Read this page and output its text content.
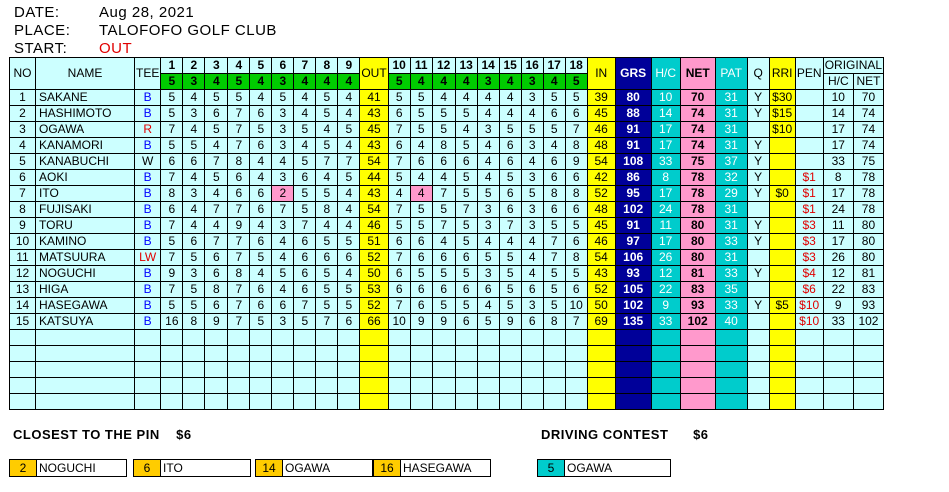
DATE:	Aug 28, 2021
PLACE: TALOFOFO GOLF CLUB
START: OUT
NO	NAME	TEE	1	2	3	4	5	6	7	8	9	OUT	10	11	12	13	14	15	16	17	18	IN	GRS	H/C	NET	PAT	Q	RRI	PEN	ORIGINAL	
			5	3	4	5	4	3	4	4	4		5	4	4	4	3	4	3	4	5									H/C	NET
1	SAKANE	B	5	4	5	5	4	5	4	5	4	41	5	5	4	4	4	4	3	5	5	39	80	10	70	31	Y	$30		10	70
2	HASHIMOTO	B	5	3	6	7	6	3	4	5	4	43	6	5	5	5	4	4	4	6	6	45	88	14	74	31	Y	$15		14	74
3	OGAWA	R	7	4	5	7	5	3	5	4	5	45	7	5	5	4	3	5	5	5	7	46	91	17	74	31		$10		17	74
4	KANAMORI	B	5	5	4	7	6	3	4	5	4	43	6	4	8	5	4	6	3	4	8	48	91	17	74	31	Y			17	74
5	KANABUCHI	W	6	6	7	8	4	4	5	7	7	54	7	6	6	6	4	6	4	6	9	54	108	33	75	37	Y			33	75
6	AOKI	B	7	4	5	6	4	3	6	4	5	44	5	4	4	5	4	5	3	6	6	42	86	8	78	32	Y		$1	8	78
7	ITO	B	8	3	4	6	6	2	5	5	4	43	4	4	7	5	5	6	5	8	8	52	95	17	78	29	Y	$0	$1	17	78
8	FUJISAKI	B	6	4	7	7	6	7	5	8	4	54	7	5	5	7	3	6	3	6	6	48	102	24	78	31			$1	24	78
9	TORU	B	7	4	4	9	4	3	7	4	4	46	5	5	7	5	3	7	3	5	5	45	91	11	80	31	Y		$3	11	80
10	KAMINO	B	5	6	7	7	6	4	6	5	5	51	6	6	4	5	4	4	4	7	6	46	97	17	80	33	Y		$3	17	80
11	MATSUURA	LW	7	5	6	7	5	4	6	6	6	52	7	6	6	6	5	5	4	7	8	54	106	26	80	31			$3	26	80
12	NOGUCHI	B	9	3	6	8	4	5	6	5	4	50	6	5	5	5	3	5	4	5	5	43	93	12	81	33	Y		$4	12	81
13	HIGA	B	7	5	8	7	6	4	6	5	5	53	6	6	6	6	6	5	6	5	6	52	105	22	83	35			$6	22	83
14	HASEGAWA	B	5	5	6	7	6	6	7	5	5	52	7	6	5	5	4	5	3	5	10	50	102	9	93	33	Y	$5	$10	9	93
15	KATSUYA	B	16	8	9	7	5	3	5	7	6	66	10	9	9	6	5	9	6	8	7	69	135	33	102	40			$10	33	102

CLOSEST TO THE PIN $6	DRIVING CONTEST $6
2	NOGUCHI	6	ITO	14 OGAWA	16 HASEGAWA	5	OGAWA
